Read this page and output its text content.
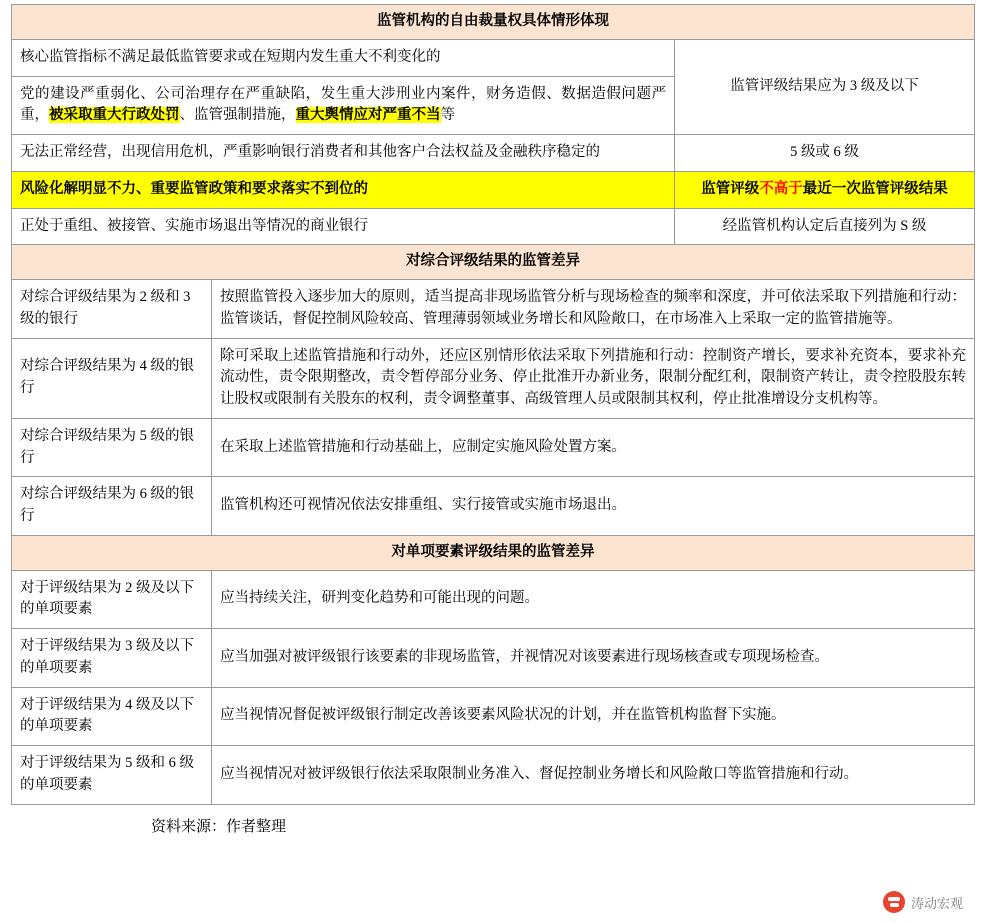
监管机构的自由裁量权具体情形体现	
核心监管指标不满足最低监管要求或在短期内发生重大不利变化的	监管评级结果应为 3 级及以下
党的建设严重弱化、公司治理存在严重缺陷，发生重大涉刑业内案件，财务造假、数据造假问题严重，被采取重大行政处罚、监管强制措施，重大舆情应对严重不当等	
无法正常经营，出现信用危机，严重影响银行消费者和其他客户合法权益及金融秩序稳定的	5 级或 6 级
风险化解明显不力、重要监管政策和要求落实不到位的	监管评级不高于最近一次监管评级结果
正处于重组、被接管、实施市场退出等情况的商业银行	经监管机构认定后直接列为 S 级
对综合评级结果的监管差异	
对综合评级结果为 2 级和 3 级的银行	按照监管投入逐步加大的原则，适当提高非现场监管分析与现场检查的频率和深度，并可依法采取下列措施和行动：监管谈话，督促控制风险较高、管理薄弱领域业务增长和风险敞口，在市场准入上采取一定的监管措施等。
对综合评级结果为 4 级的银行	除可采取上述监管措施和行动外，还应区别情形依法采取下列措施和行动：控制资产增长，要求补充资本，要求补充流动性，责令限期整改，责令暂停部分业务、停止批准开办新业务，限制分配红利，限制资产转让，责令控股股东转让股权或限制有关股东的权利，责令调整董事、高级管理人员或限制其权利，停止批准增设分支机构等。
对综合评级结果为 5 级的银行	在采取上述监管措施和行动基础上，应制定实施风险处置方案。
对综合评级结果为 6 级的银行	监管机构还可视情况依法安排重组、实行接管或实施市场退出。
对单项要素评级结果的监管差异	
对于评级结果为 2 级及以下的单项要素	应当持续关注，研判变化趋势和可能出现的问题。
对于评级结果为 3 级及以下的单项要素	应当加强对被评级银行该要素的非现场监管，并视情况对该要素进行现场核查或专项现场检查。
对于评级结果为 4 级及以下的单项要素	应当视情况督促被评级银行制定改善该要素风险状况的计划，并在监管机构监督下实施。
对于评级结果为 5 级和 6 级的单项要素	应当视情况对被评级银行依法采取限制业务准入、督促控制业务增长和风险敞口等监管措施和行动。
资料来源：作者整理
涛动宏观
